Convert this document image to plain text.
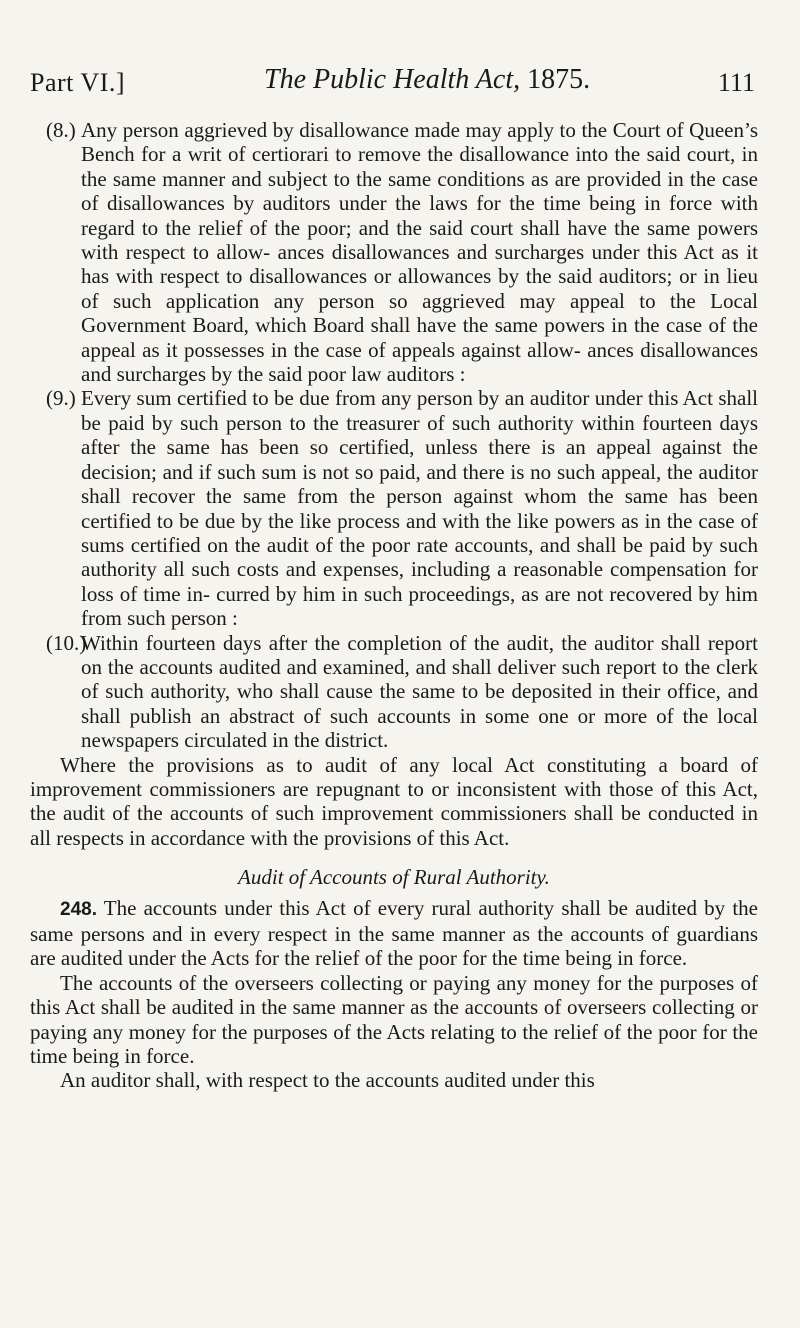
Part VI.]	The Public Health Act, 1875.	111
(8.) Any person aggrieved by disallowance made may apply to the Court of Queen’s Bench for a writ of certiorari to remove the disallowance into the said court, in the same manner and subject to the same conditions as are provided in the case of disallowances by auditors under the laws for the time being in force with regard to the relief of the poor; and the said court shall have the same powers with respect to allow- ances disallowances and surcharges under this Act as it has with respect to disallowances or allowances by the said auditors; or in lieu of such application any person so aggrieved may appeal to the Local Government Board, which Board shall have the same powers in the case of the appeal as it possesses in the case of appeals against allow- ances disallowances and surcharges by the said poor law auditors :
(9.) Every sum certified to be due from any person by an auditor under this Act shall be paid by such person to the treasurer of such authority within fourteen days after the same has been so certified, unless there is an appeal against the decision; and if such sum is not so paid, and there is no such appeal, the auditor shall recover the same from the person against whom the same has been certified to be due by the like process and with the like powers as in the case of sums certified on the audit of the poor rate accounts, and shall be paid by such authority all such costs and expenses, including a reasonable compensation for loss of time in- curred by him in such proceedings, as are not recovered by him from such person :
(10.)
Within fourteen days after the completion of the audit, the auditor shall report on the accounts audited and examined, and shall deliver such report to the clerk of such authority, who shall cause the same to be deposited in their office, and shall publish an abstract of such accounts in some one or more of the local newspapers circulated in the district.
Where the provisions as to audit of any local Act constituting a board of improvement commissioners are repugnant to or inconsistent with those of this Act, the audit of the accounts of such improvement commissioners shall be conducted in all respects in accordance with the provisions of this Act.
Audit of Accounts of Rural Authority.
248. The accounts under this Act of every rural authority shall be audited by the same persons and in every respect in the same manner as the accounts of guardians are audited under the Acts for the relief of the poor for the time being in force.
The accounts of the overseers collecting or paying any money for the purposes of this Act shall be audited in the same manner as the accounts of overseers collecting or paying any money for the purposes of the Acts relating to the relief of the poor for the time being in force.
An auditor shall, with respect to the accounts audited under this
